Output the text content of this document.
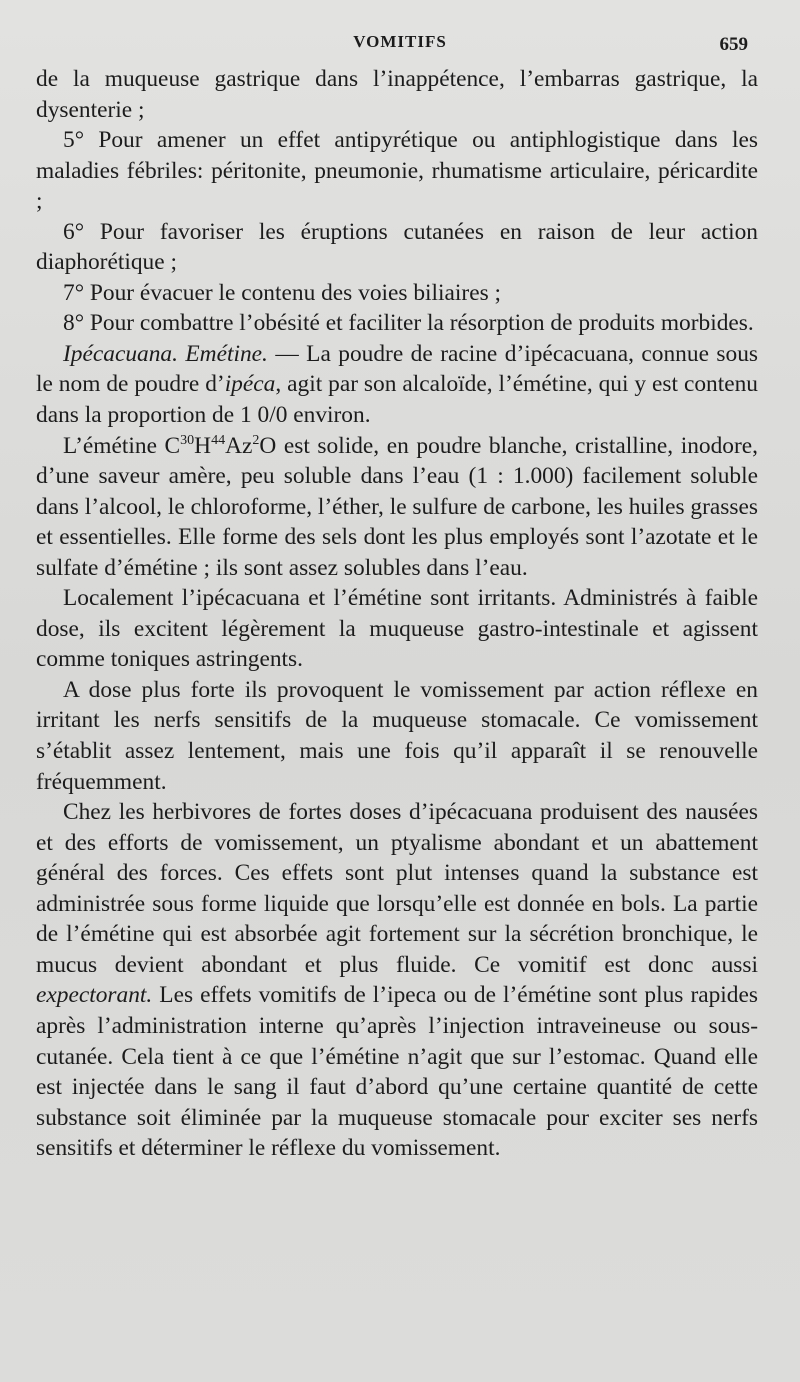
VOMITIFS	659

de la muqueuse gastrique dans l’inappétence, l’embarras gastrique, la dysenterie ;

5° Pour amener un effet antipyrétique ou antiphlogistique dans les maladies fébriles: péritonite, pneumonie, rhumatisme articulaire, péricardite ;

6° Pour favoriser les éruptions cutanées en raison de leur action diaphorétique ;

7° Pour évacuer le contenu des voies biliaires ;

8° Pour combattre l’obésité et faciliter la résorption de produits morbides.

Ipécacuana. Emétine. — La poudre de racine d’ipécacuana, connue sous le nom de poudre d’ipéca, agit par son alcaloïde, l’émétine, qui y est contenu dans la proportion de 1 0/0 environ.

L’émétine $C^{30}H^{44}Az^2O$ est solide, en poudre blanche, cristalline, inodore, d’une saveur amère, peu soluble dans l’eau (1 : 1.000) facilement soluble dans l’alcool, le chloroforme, l’éther, le sulfure de carbone, les huiles grasses et essentielles. Elle forme des sels dont les plus employés sont l’azotate et le sulfate d’émétine ; ils sont assez solubles dans l’eau.

Localement l’ipécacuana et l’émétine sont irritants. Administrés à faible dose, ils excitent légèrement la muqueuse gastro-intestinale et agissent comme toniques astringents.

A dose plus forte ils provoquent le vomissement par action réflexe en irritant les nerfs sensitifs de la muqueuse stomacale. Ce vomissement s’établit assez lentement, mais une fois qu’il apparaît il se renouvelle fréquemment.

Chez les herbivores de fortes doses d’ipécacuana produisent des nausées et des efforts de vomissement, un ptyalisme abondant et un abattement général des forces. Ces effets sont plut intenses quand la substance est administrée sous forme liquide que lorsqu’elle est donnée en bols. La partie de l’émétine qui est absorbée agit fortement sur la sécrétion bronchique, le mucus devient abondant et plus fluide. Ce vomitif est donc aussi expectorant. Les effets vomitifs de l’ipeca ou de l’émétine sont plus rapides après l’administration interne qu’après l’injection intraveineuse ou sous-cutanée. Cela tient à ce que l’émétine n’agit que sur l’estomac. Quand elle est injectée dans le sang il faut d’abord qu’une certaine quantité de cette substance soit éliminée par la muqueuse stomacale pour exciter ses nerfs sensitifs et déterminer le réflexe du vomissement.
